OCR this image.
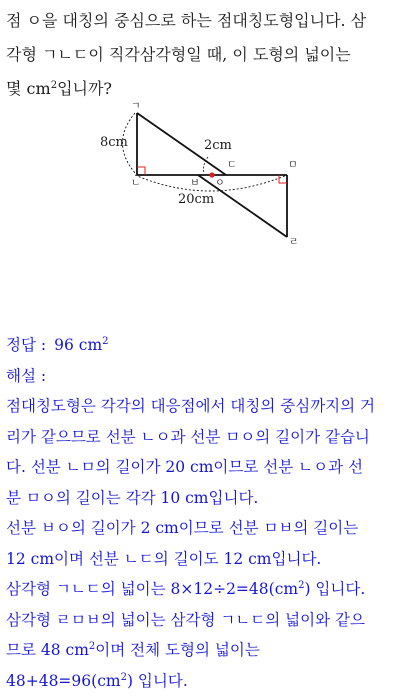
점 ㅇ을 대칭의 중심으로 하는 점대칭도형입니다. 삼

각형 ㄱㄴㄷ이 직각삼각형일 때, 이 도형의 넓이는

몇 $cm^2$입니까?

ㄱ
ㄴ
ㄷ	ㅁ
ㄹ
ㅂ ㅇ
8cm	2cm
20cm

정답 : 96 $cm^2$

해설 :

점대칭도형은 각각의 대응점에서 대칭의 중심까지의 거

리가 같으므로 선분 ㄴㅇ과 선분 ㅁㅇ의 길이가 같습니

다. 선분 ㄴㅁ의 길이가 20 cm이므로 선분 ㄴㅇ과 선

분 ㅁㅇ의 길이는 각각 10 cm입니다.

선분 ㅂㅇ의 길이가 2 cm이므로 선분 ㅁㅂ의 길이는

12 cm이며 선분 ㄴㄷ의 길이도 12 cm입니다.

삼각형 ㄱㄴㄷ의 넓이는 $8\times 12\div 2=48(cm^2)$ 입니다.

삼각형 ㄹㅁㅂ의 넓이는 삼각형 ㄱㄴㄷ의 넓이와 같으

므로 48 $cm^2$이며 전체 도형의 넓이는

$48+48=96(cm^2)$ 입니다.
